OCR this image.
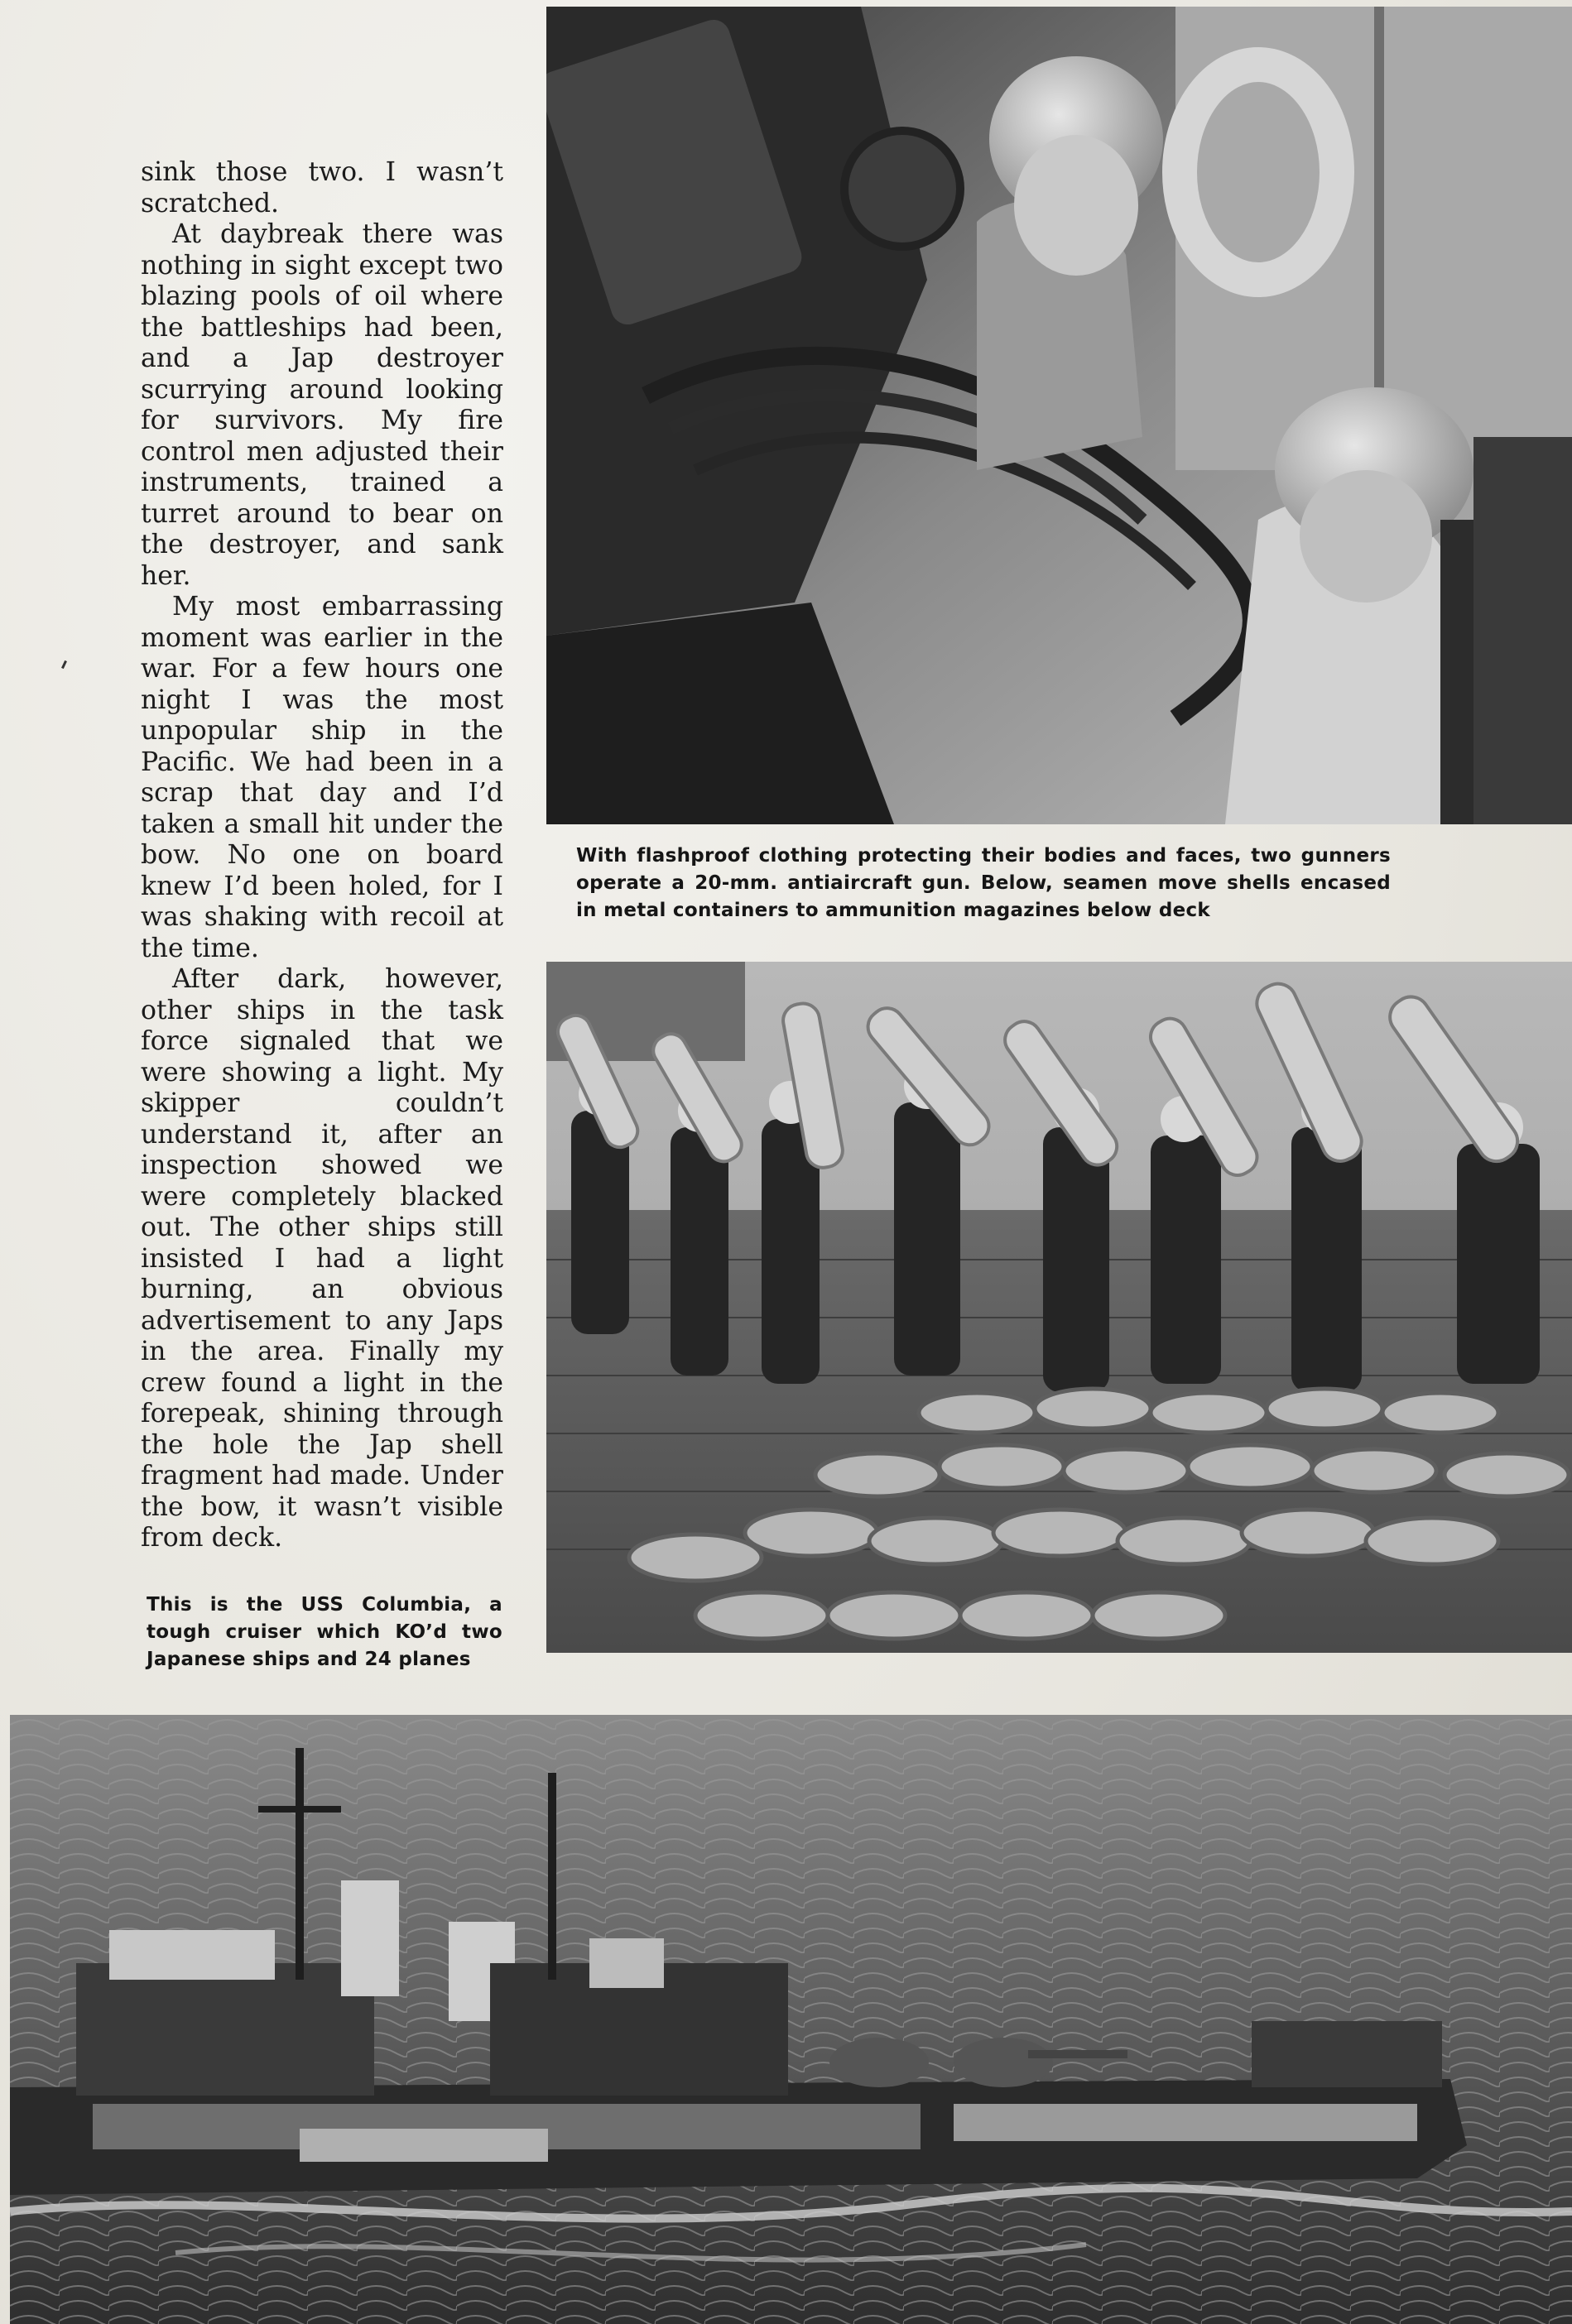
sink those two. I wasn’t scratched.

At daybreak there was nothing in sight except two blazing pools of oil where the battleships had been, and a Jap destroyer scurrying around looking for survivors. My fire control men adjusted their instruments, trained a turret around to bear on the destroyer, and sank her.

My most embarrassing moment was earlier in the war. For a few hours one night I was the most unpopular ship in the Pacific. We had been in a scrap that day and I’d taken a small hit under the bow. No one on board knew I’d been holed, for I was shaking with recoil at the time.

After dark, however, other ships in the task force signaled that we were showing a light. My skipper couldn’t understand it, after an inspection showed we were completely blacked out. The other ships still insisted I had a light burning, an obvious advertisement to any Japs in the area. Finally my crew found a light in the forepeak, shining through the hole the Jap shell fragment had made. Under the bow, it wasn’t visible from deck.

With flashproof clothing protecting their bodies and faces, two gunners operate a 20-mm. antiaircraft gun. Below, seamen move shells encased in metal containers to ammunition magazines below deck
This is the USS Columbia, a tough cruiser which KO’d two Japanese ships and 24 planes
